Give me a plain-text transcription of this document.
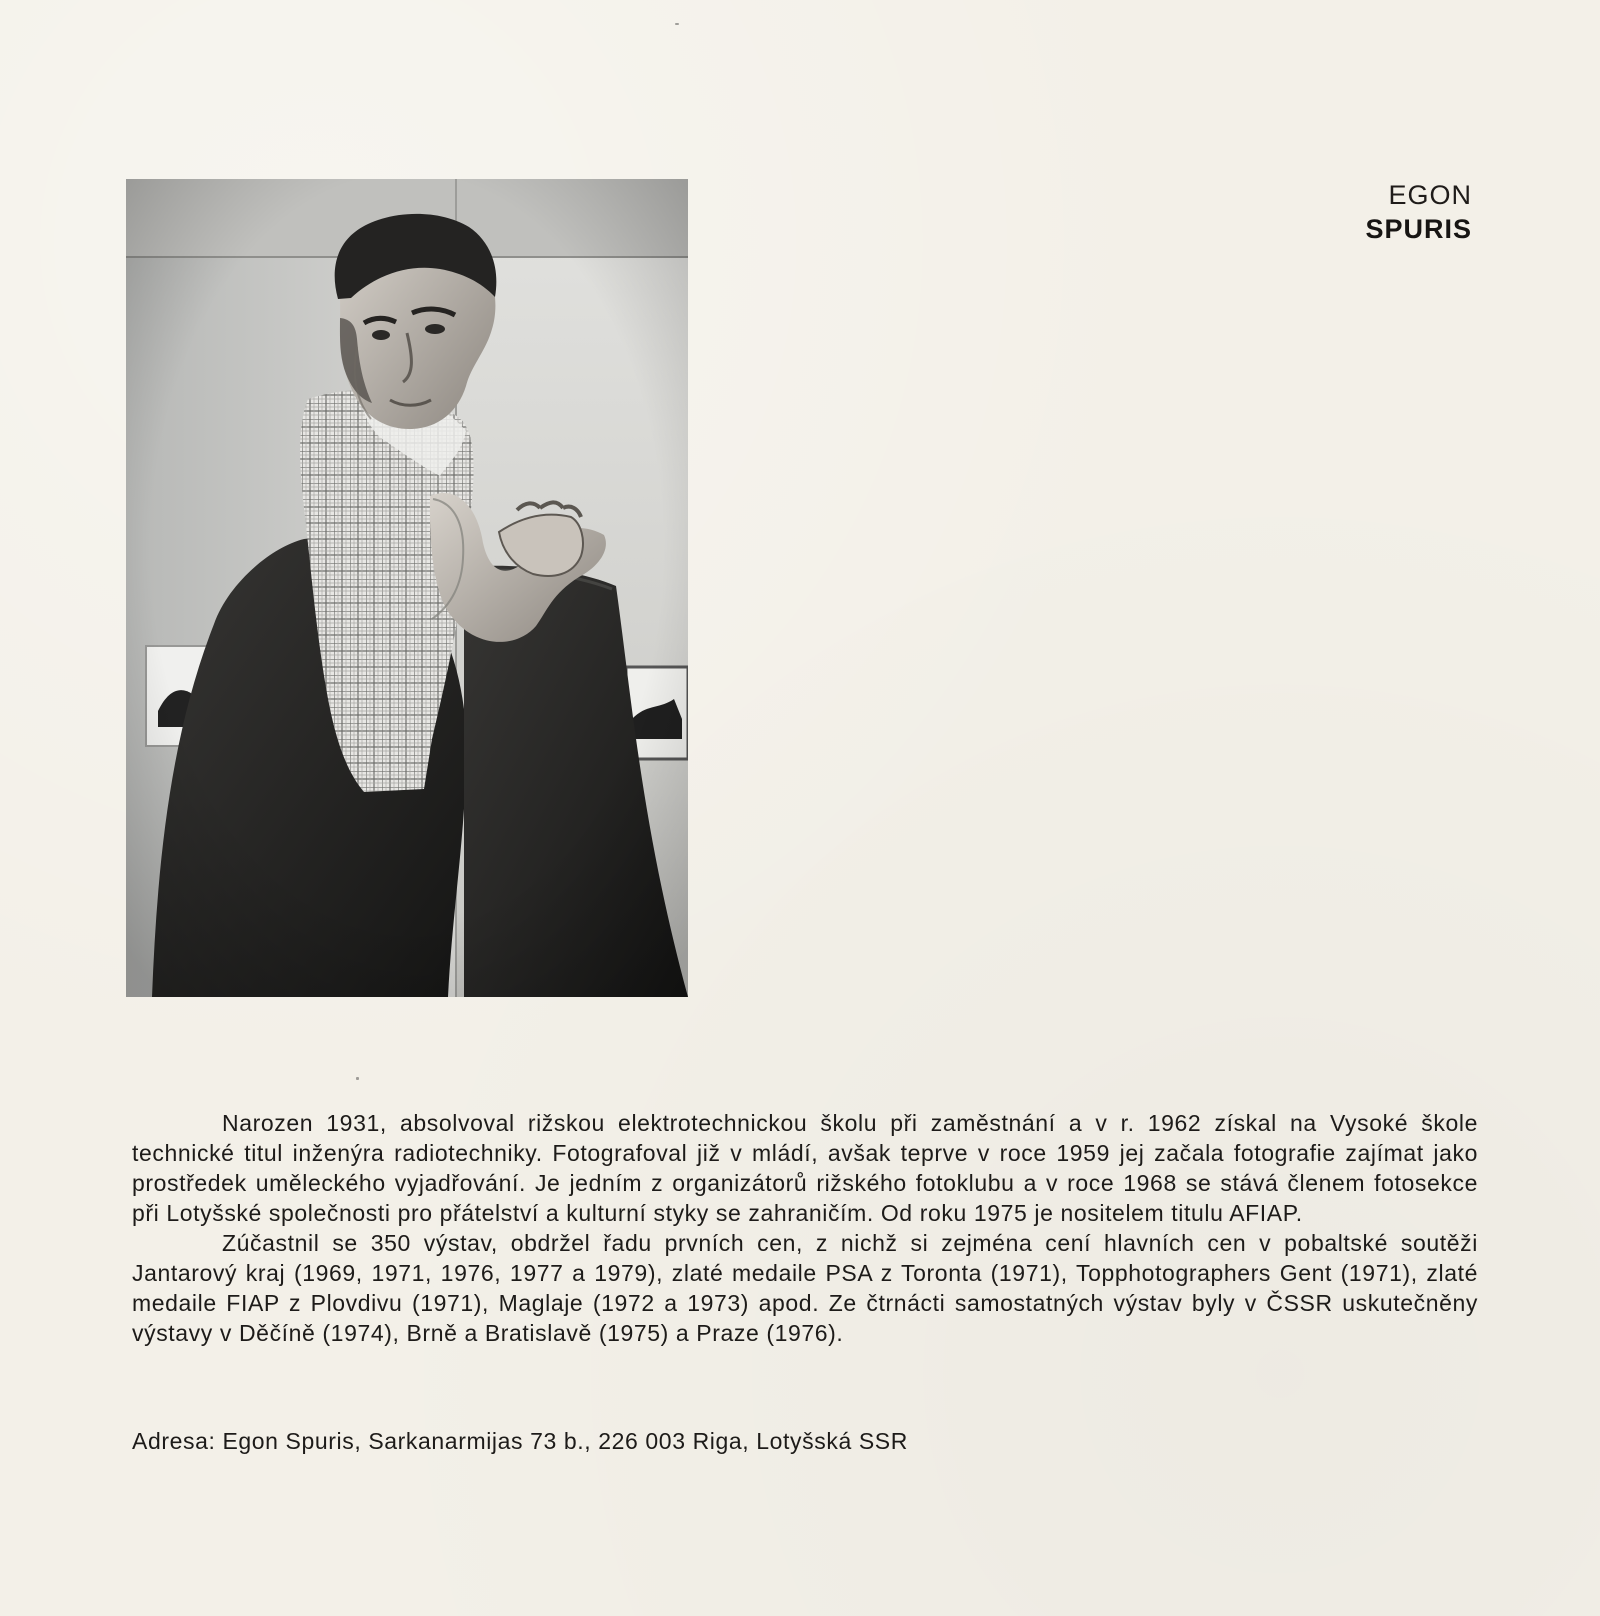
EGON
SPURIS

Narozen 1931, absolvoval rižskou elektrotechnickou školu při zaměstnání a v r. 1962 získal na Vysoké škole technické titul inženýra radiotechniky. Fotografoval již v mládí, avšak teprve v roce 1959 jej začala fotografie zajímat jako prostředek uměleckého vyjadřování. Je jedním z organizátorů rižského fotoklubu a v roce 1968 se stává členem fotosekce při Lotyšské společnosti pro přátelství a kulturní styky se zahraničím. Od roku 1975 je nositelem titulu AFIAP.

Zúčastnil se 350 výstav, obdržel řadu prvních cen, z nichž si zejména cení hlavních cen v pobaltské soutěži Jantarový kraj (1969, 1971, 1976, 1977 a 1979), zlaté medaile PSA z Toronta (1971), Topphotographers Gent (1971), zlaté medaile FIAP z Plovdivu (1971), Maglaje (1972 a 1973) apod. Ze čtrnácti samostatných výstav byly v ČSSR uskutečněny výstavy v Děčíně (1974), Brně a Bratislavě (1975) a Praze (1976).

Adresa: Egon Spuris, Sarkanarmijas 73 b., 226 003 Riga, Lotyšská SSR
